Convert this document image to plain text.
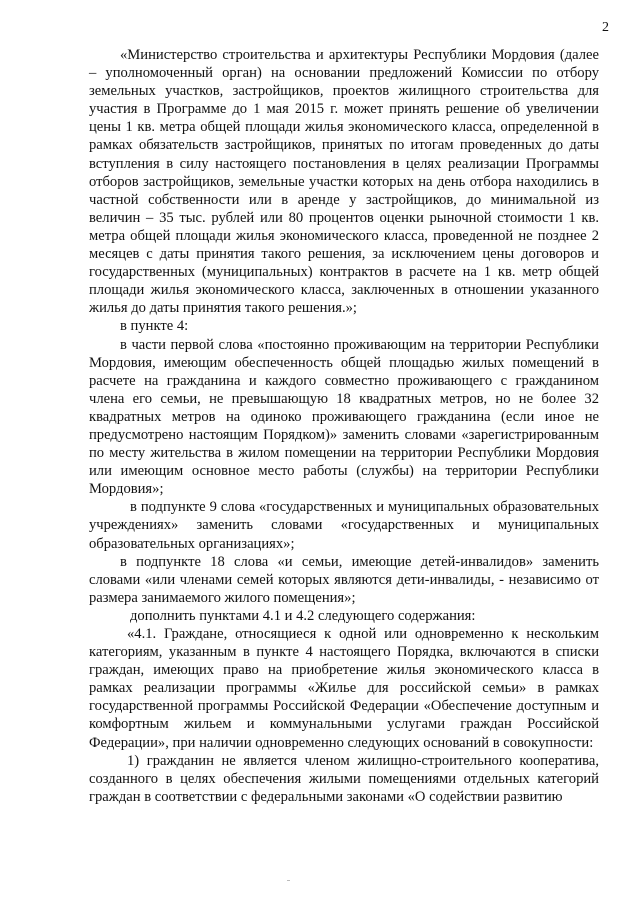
2

«Министерство строительства и архитектуры Республики Мордовия (далее – уполномоченный орган) на основании предложений Комиссии по отбору земельных участков, застройщиков, проектов жилищного строительства для участия в Программе до 1 мая 2015 г. может принять решение об увеличении цены 1 кв. метра общей площади жилья экономического класса, определенной в рамках обязательств застройщиков, принятых по итогам проведенных до даты вступления в силу настоящего постановления в целях реализации Программы отборов застройщиков, земельные участки которых на день отбора находились в частной собственности или в аренде у застройщиков, до минимальной из величин – 35 тыс. рублей или 80 процентов оценки рыночной стоимости 1 кв. метра общей площади жилья экономического класса, проведенной не позднее 2 месяцев с даты принятия такого решения, за исключением цены договоров и государственных (муниципальных) контрактов в расчете на 1 кв. метр общей площади жилья экономического класса, заключенных в отношении указанного жилья до даты принятия такого решения.»;

в пункте 4:

в части первой слова «постоянно проживающим на территории Республики Мордовия, имеющим обеспеченность общей площадью жилых помещений в расчете на гражданина и каждого совместно проживающего с гражданином члена его семьи, не превышающую 18 квадратных метров, но не более 32 квадратных метров на одиноко проживающего гражданина (если иное не предусмотрено настоящим Порядком)» заменить словами «зарегистрированным по месту жительства в жилом помещении на территории Республики Мордовия или имеющим основное место работы (службы) на территории Республики Мордовия»;

в подпункте 9 слова «государственных и муниципальных образовательных учреждениях» заменить словами «государственных и муниципальных образовательных организациях»;

в подпункте 18 слова «и семьи, имеющие детей-инвалидов» заменить словами «или членами семей которых являются дети-инвалиды, - независимо от размера занимаемого жилого помещения»;

дополнить пунктами 4.1 и 4.2 следующего содержания:

«4.1. Граждане, относящиеся к одной или одновременно к нескольким категориям, указанным в пункте 4 настоящего Порядка, включаются в списки граждан, имеющих право на приобретение жилья экономического класса в рамках реализации программы «Жилье для российской семьи» в рамках государственной программы Российской Федерации «Обеспечение доступным и комфортным жильем и коммунальными услугами граждан Российской Федерации», при наличии одновременно следующих оснований в совокупности:

1) гражданин не является членом жилищно-строительного кооператива, созданного в целях обеспечения жилыми помещениями отдельных категорий граждан в соответствии с федеральными законами «О содействии развитию
